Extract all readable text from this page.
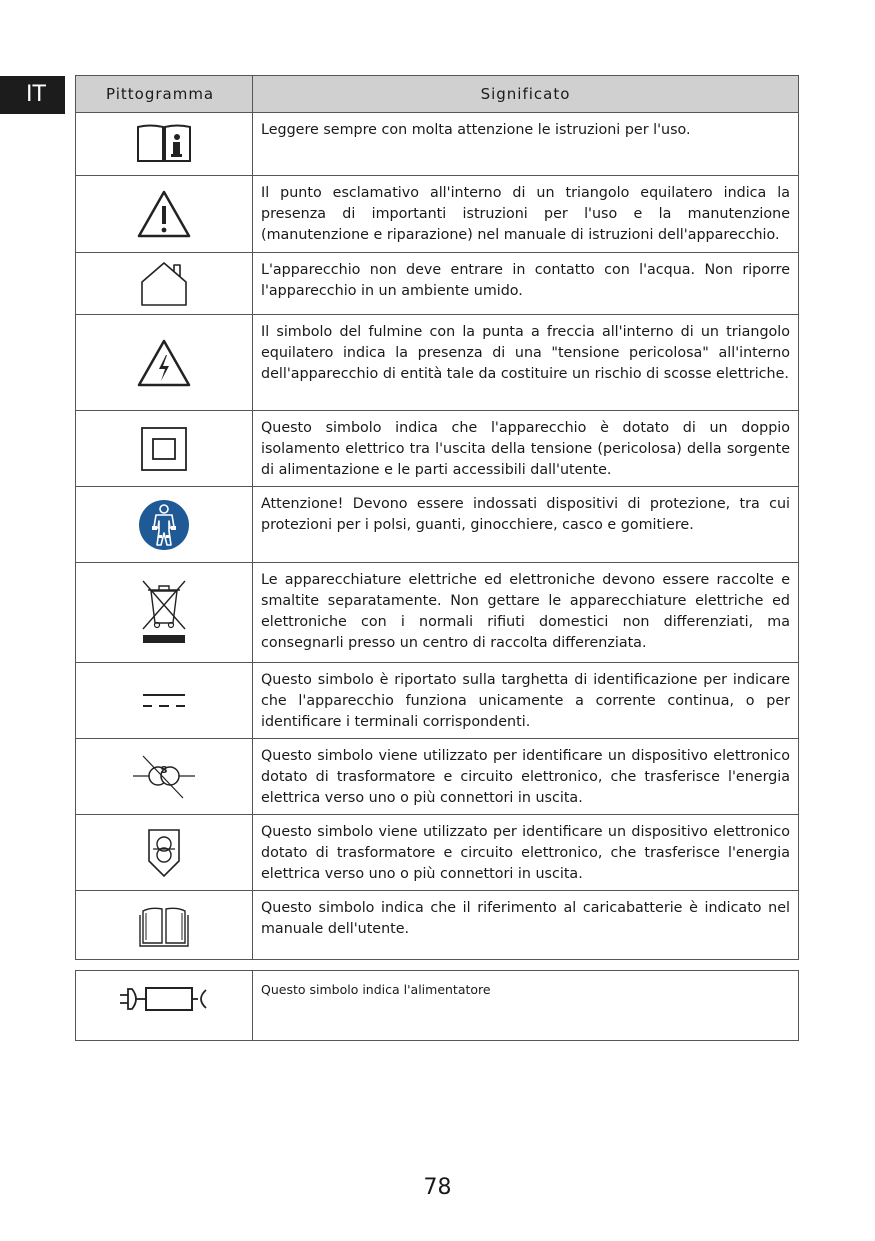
IT	Pittogramma	Significato
	Leggere sempre con molta attenzione le istruzioni per l'uso.
	Il punto esclamativo all'interno di un triangolo equilatero indica la presenza di importanti istruzioni per l'uso e la manutenzione (manutenzione e riparazione) nel manuale di istruzioni dell'apparecchio.
	L'apparecchio non deve entrare in contatto con l'acqua. Non riporre l'apparecchio in un ambiente umido.
	Il simbolo del fulmine con la punta a freccia all'interno di un triangolo equilatero indica la presenza di una "tensione pericolosa" all'interno dell'apparecchio di entità tale da costituire un rischio di scosse elettriche.
	Questo simbolo indica che l'apparecchio è dotato di un doppio isolamento elettrico tra l'uscita della tensione (pericolosa) della sorgente di alimentazione e le parti accessibili dall'utente.
	Attenzione! Devono essere indossati dispositivi di protezione, tra cui protezioni per i polsi, guanti, ginocchiere, casco e gomitiere.
	Le apparecchiature elettriche ed elettroniche devono essere raccolte e smaltite separatamente. Non gettare le apparecchiature elettriche ed elettroniche con i normali rifiuti domestici non differenziati, ma consegnarli presso un centro di raccolta differenziata.
	Questo simbolo è riportato sulla targhetta di identificazione per indicare che l'apparecchio funziona unicamente a corrente continua, o per identificare i terminali corrispondenti.

S	Questo simbolo viene utilizzato per identificare un dispositivo elettronico dotato di trasformatore e circuito elettronico, che trasferisce l'energia elettrica verso uno o più connettori in uscita.
	Questo simbolo viene utilizzato per identificare un dispositivo elettronico dotato di trasformatore e circuito elettronico, che trasferisce l'energia elettrica verso uno o più connettori in uscita.
	Questo simbolo indica che il riferimento al caricabatterie è indicato nel manuale dell'utente.
	Questo simbolo indica l'alimentatore
78
